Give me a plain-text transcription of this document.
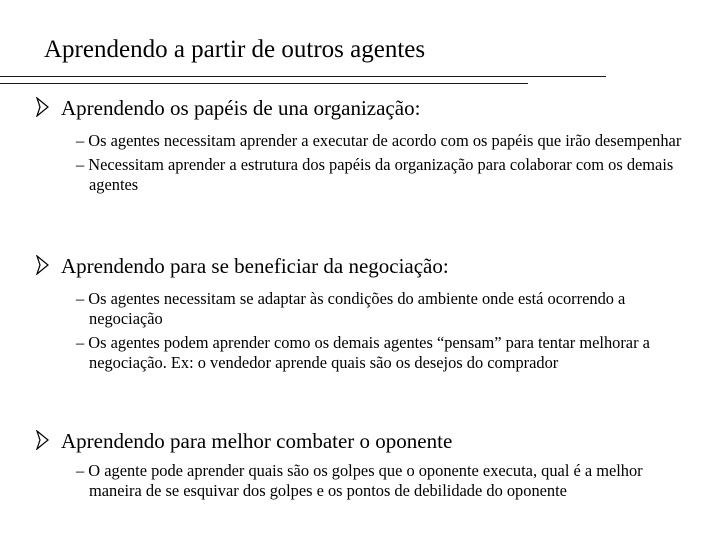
Aprendendo a partir de outros agentes
Aprendendo os papéis de una organização:
– Os agentes necessitam aprender a executar de acordo com os papéis que irão desempenhar
– Necessitam aprender a estrutura dos papéis da organização para colaborar com os demais agentes
Aprendendo para se beneficiar da negociação:
– Os agentes necessitam se adaptar às condições do ambiente onde está ocorrendo a negociação
– Os agentes podem aprender como os demais agentes “pensam” para tentar melhorar a negociação. Ex: o vendedor aprende quais são os desejos do comprador
Aprendendo para melhor combater o oponente
– O agente pode aprender quais são os golpes que o oponente executa, qual é a melhor maneira de se esquivar dos golpes e os pontos de debilidade do oponente
